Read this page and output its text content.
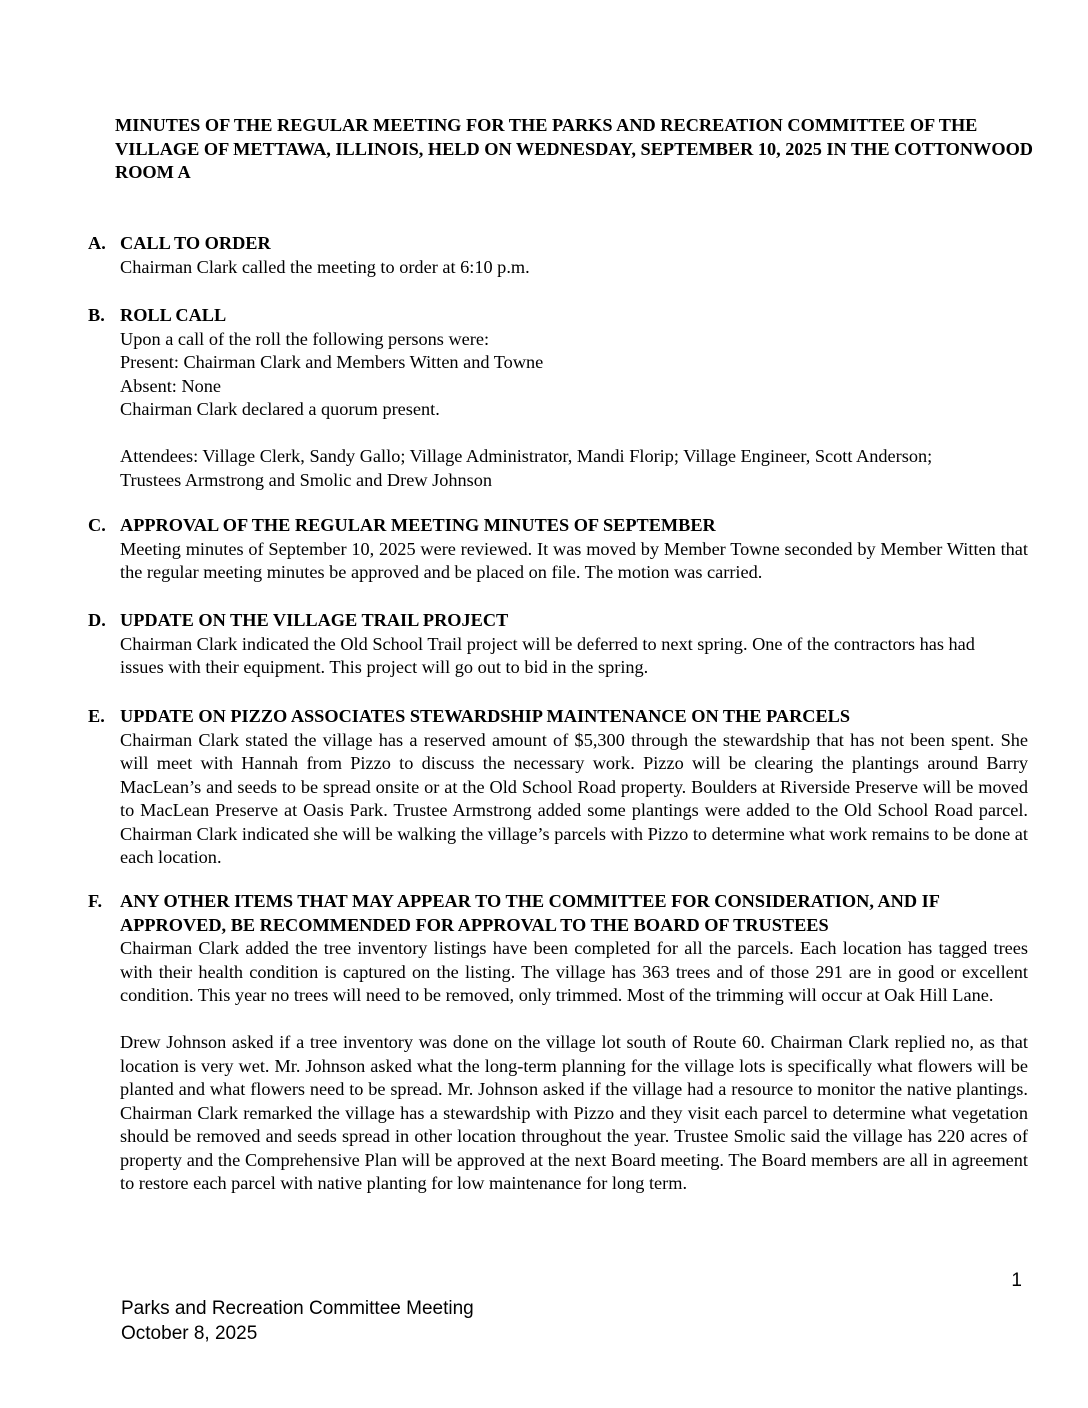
MINUTES OF THE REGULAR MEETING FOR THE PARKS AND RECREATION COMMITTEE OF THE VILLAGE OF METTAWA, ILLINOIS, HELD ON WEDNESDAY, SEPTEMBER 10, 2025 IN THE COTTONWOOD ROOM A
A. CALL TO ORDER
Chairman Clark called the meeting to order at 6:10 p.m.
B. ROLL CALL
Upon a call of the roll the following persons were:
Present: Chairman Clark and Members Witten and Towne
Absent: None
Chairman Clark declared a quorum present.
Attendees: Village Clerk, Sandy Gallo; Village Administrator, Mandi Florip; Village Engineer, Scott Anderson; Trustees Armstrong and Smolic and Drew Johnson
C. APPROVAL OF THE REGULAR MEETING MINUTES OF SEPTEMBER
Meeting minutes of September 10, 2025 were reviewed. It was moved by Member Towne seconded by Member Witten that the regular meeting minutes be approved and be placed on file. The motion was carried.
D. UPDATE ON THE VILLAGE TRAIL PROJECT
Chairman Clark indicated the Old School Trail project will be deferred to next spring. One of the contractors has had issues with their equipment. This project will go out to bid in the spring.
E. UPDATE ON PIZZO ASSOCIATES STEWARDSHIP MAINTENANCE ON THE PARCELS
Chairman Clark stated the village has a reserved amount of $5,300 through the stewardship that has not been spent. She will meet with Hannah from Pizzo to discuss the necessary work. Pizzo will be clearing the plantings around Barry MacLean’s and seeds to be spread onsite or at the Old School Road property. Boulders at Riverside Preserve will be moved to MacLean Preserve at Oasis Park. Trustee Armstrong added some plantings were added to the Old School Road parcel. Chairman Clark indicated she will be walking the village’s parcels with Pizzo to determine what work remains to be done at each location.
F. ANY OTHER ITEMS THAT MAY APPEAR TO THE COMMITTEE FOR CONSIDERATION, AND IF APPROVED, BE RECOMMENDED FOR APPROVAL TO THE BOARD OF TRUSTEES
Chairman Clark added the tree inventory listings have been completed for all the parcels. Each location has tagged trees with their health condition is captured on the listing. The village has 363 trees and of those 291 are in good or excellent condition. This year no trees will need to be removed, only trimmed. Most of the trimming will occur at Oak Hill Lane.
Drew Johnson asked if a tree inventory was done on the village lot south of Route 60. Chairman Clark replied no, as that location is very wet. Mr. Johnson asked what the long-term planning for the village lots is specifically what flowers will be planted and what flowers need to be spread. Mr. Johnson asked if the village had a resource to monitor the native plantings. Chairman Clark remarked the village has a stewardship with Pizzo and they visit each parcel to determine what vegetation should be removed and seeds spread in other location throughout the year. Trustee Smolic said the village has 220 acres of property and the Comprehensive Plan will be approved at the next Board meeting. The Board members are all in agreement to restore each parcel with native planting for low maintenance for long term.
1
Parks and Recreation Committee Meeting
October 8, 2025
